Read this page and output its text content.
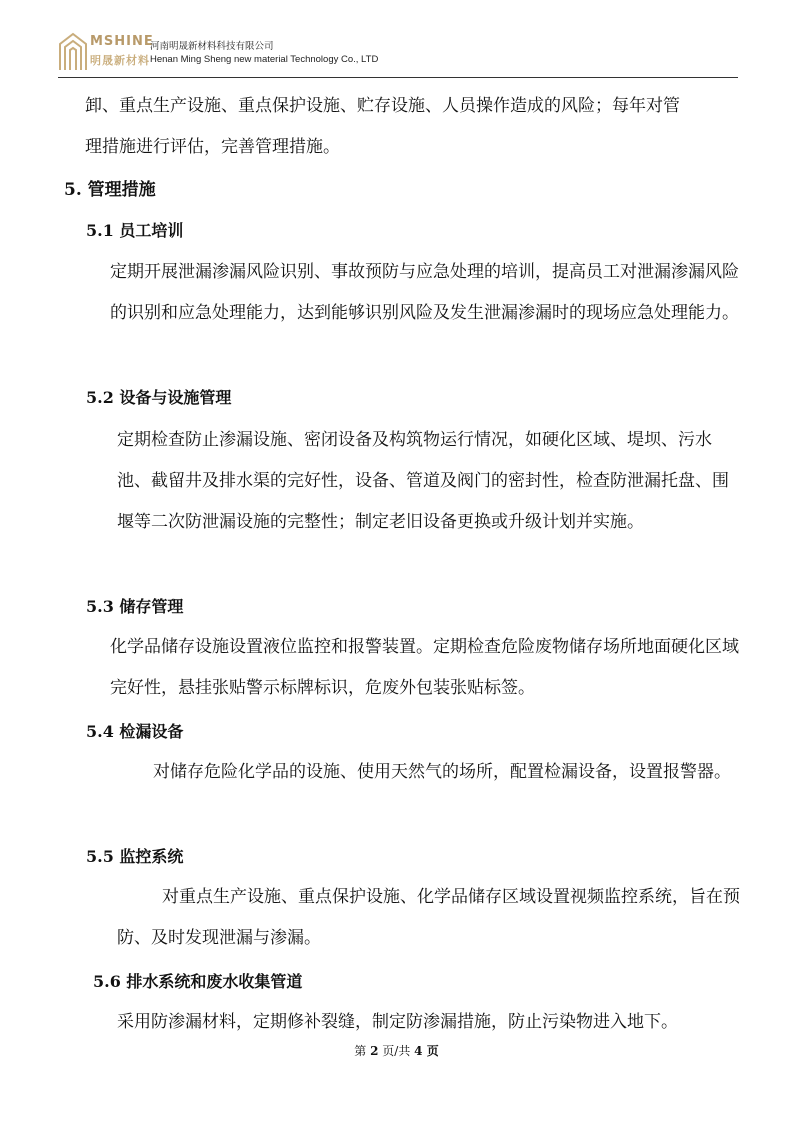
MSHINE
明晟新材料
河南明晟新材料科技有限公司
Henan Ming Sheng new material Technology Co., LTD

卸、重点生产设施、重点保护设施、贮存设施、人员操作造成的风险；每年对管

理措施进行评估，完善管理措施。

5. 管理措施
5.1 员工培训

定期开展泄漏渗漏风险识别、事故预防与应急处理的培训，提高员工对泄漏渗漏风险的识别和应急处理能力，达到能够识别风险及发生泄漏渗漏时的现场应急处理能力。

5.2 设备与设施管理

定期检查防止渗漏设施、密闭设备及构筑物运行情况，如硬化区域、堤坝、污水池、截留井及排水渠的完好性，设备、管道及阀门的密封性，检查防泄漏托盘、围堰等二次防泄漏设施的完整性；制定老旧设备更换或升级计划并实施。

5.3 储存管理

化学品储存设施设置液位监控和报警装置。定期检查危险废物储存场所地面硬化区域完好性，悬挂张贴警示标牌标识，危废外包装张贴标签。

5.4 检漏设备

对储存危险化学品的设施、使用天然气的场所，配置检漏设备，设置报警器。

5.5 监控系统

对重点生产设施、重点保护设施、化学品储存区域设置视频监控系统，旨在预防、及时发现泄漏与渗漏。

5.6 排水系统和废水收集管道

采用防渗漏材料，定期修补裂缝，制定防渗漏措施，防止污染物进入地下。

第 2 页/共 4 页
